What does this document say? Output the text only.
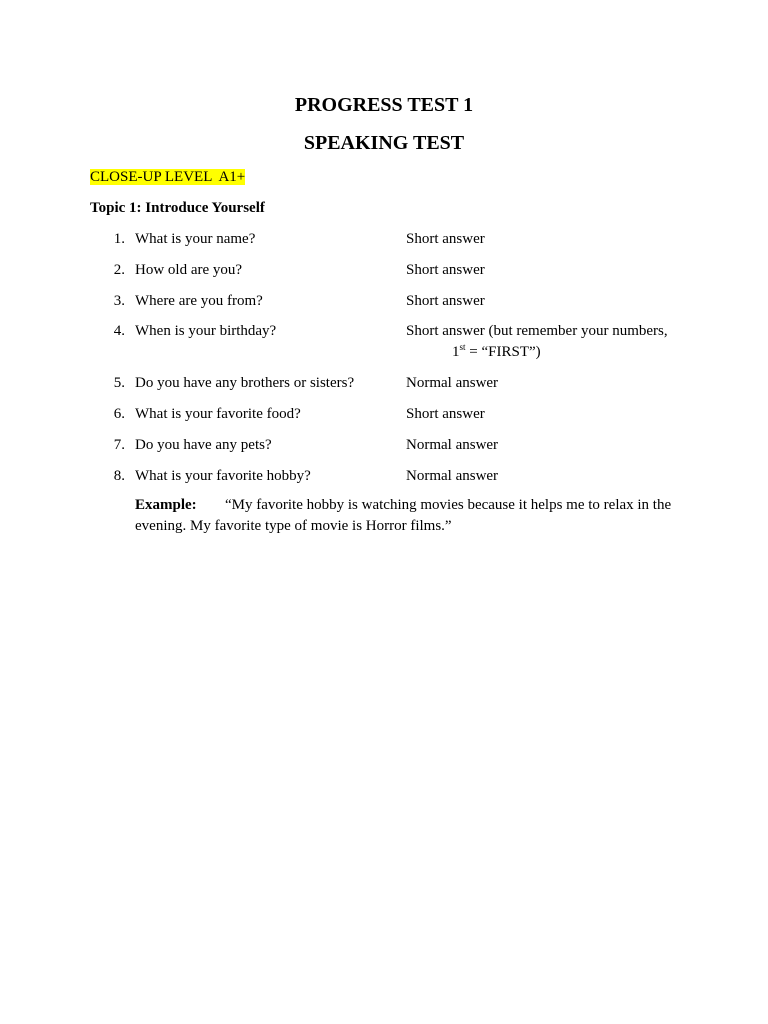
PROGRESS TEST 1
SPEAKING TEST
CLOSE-UP LEVEL  A1+
Topic 1: Introduce Yourself
1. What is your name?	Short answer
2. How old are you?	Short answer
3. Where are you from?	Short answer
4. When is your birthday?	Short answer (but remember your numbers,
1st = “FIRST”)
5. Do you have any brothers or sisters?	Normal answer
6. What is your favorite food?	Short answer
7. Do you have any pets?	Normal answer
8. What is your favorite hobby?	Normal answer
Example: “My favorite hobby is watching movies because it helps me to relax in the evening. My favorite type of movie is Horror films.”
